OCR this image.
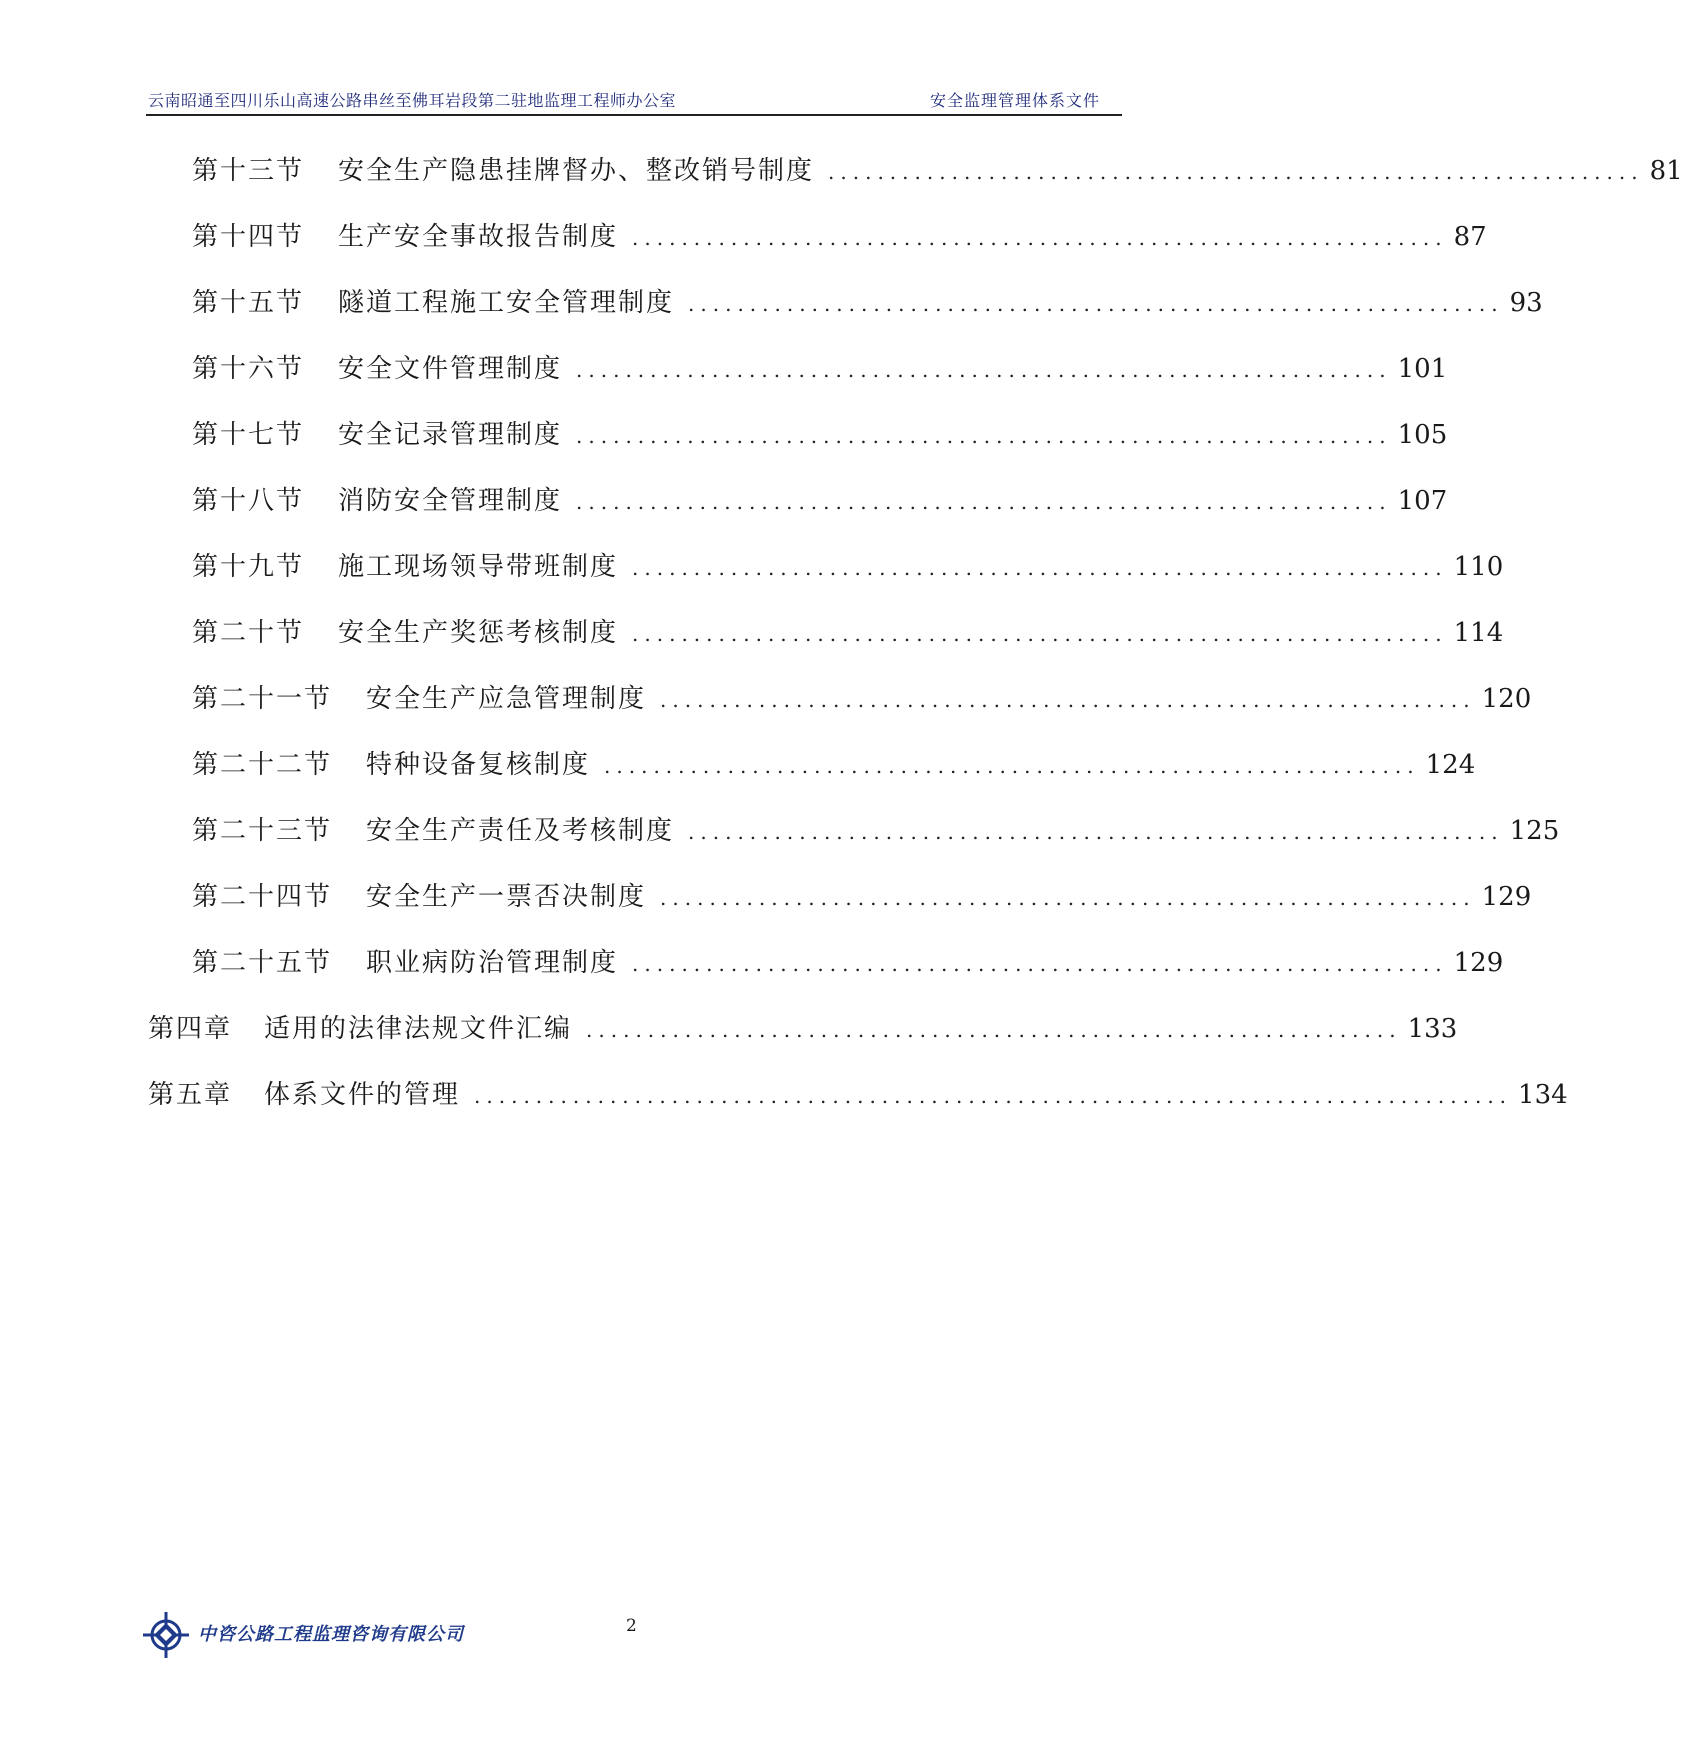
云南昭通至四川乐山高速公路串丝至佛耳岩段第二驻地监理工程师办公室	安全监理管理体系文件
第十三节	安全生产隐患挂牌督办、整改销号制度 .................................................................. 81
第十四节	生产安全事故报告制度 .................................................................. 87
第十五节	隧道工程施工安全管理制度 .................................................................. 93
第十六节	安全文件管理制度 .................................................................. 101
第十七节	安全记录管理制度 .................................................................. 105
第十八节	消防安全管理制度 .................................................................. 107
第十九节	施工现场领导带班制度 .................................................................. 110
第二十节	安全生产奖惩考核制度 .................................................................. 114
第二十一节	安全生产应急管理制度 .................................................................. 120
第二十二节	特种设备复核制度 .................................................................. 124
第二十三节	安全生产责任及考核制度 .................................................................. 125
第二十四节	安全生产一票否决制度 .................................................................. 129
第二十五节	职业病防治管理制度 .................................................................. 129
第四章	适用的法律法规文件汇编 .................................................................. 133
第五章	体系文件的管理 .................................................................................... 134
中咨公路工程监理咨询有限公司	2
